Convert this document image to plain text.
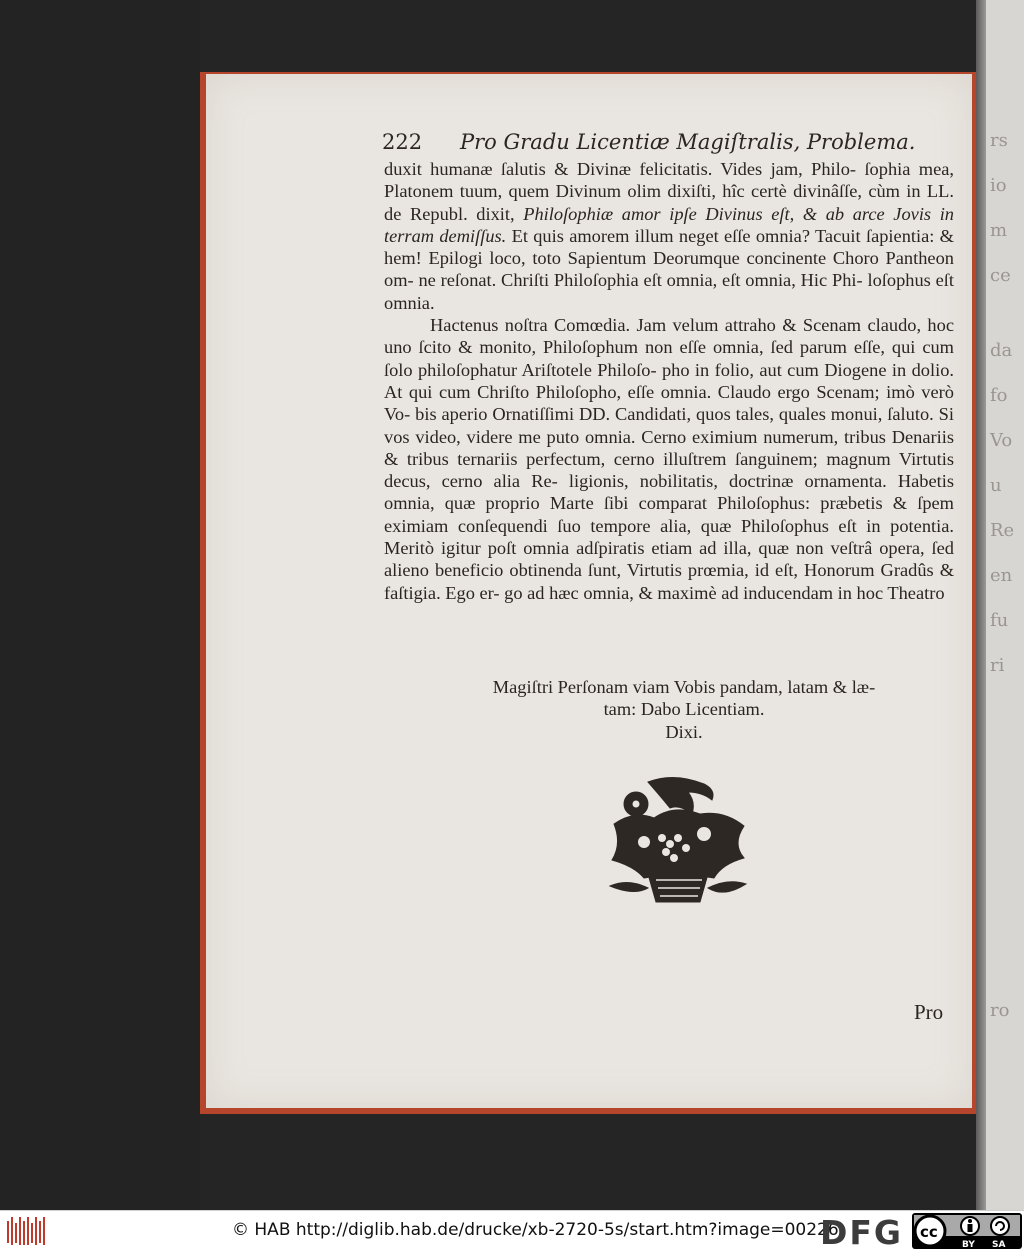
222 Pro Gradu Licentiæ Magiſtralis, Problema.

duxit humanæ ſalutis & Divinæ felicitatis. Vides jam, Philo- ſophia mea, Platonem tuum, quem Divinum olim dixiſti, hîc certè divinâſſe, cùm in LL. de Republ. dixit, Philoſophiæ amor ipſe Divinus eſt, & ab arce Jovis in terram demiſſus. Et quis amorem illum neget eſſe omnia? Tacuit ſapientia: & hem! Epilogi loco, toto Sapientum Deorumque concinente Choro Pantheon om- ne reſonat. Chriſti Philoſophia eſt omnia, eſt omnia, Hic Phi- loſophus eſt omnia.

Hactenus noſtra Comœdia. Jam velum attraho & Scenam claudo, hoc uno ſcito & monito, Philoſophum non eſſe omnia, ſed parum eſſe, qui cum ſolo philoſophatur Ariſtotele Philoſo- pho in folio, aut cum Diogene in dolio. At qui cum Chriſto Philoſopho, eſſe omnia. Claudo ergo Scenam; imò verò Vo- bis aperio Ornatiſſimi DD. Candidati, quos tales, quales monui, ſaluto. Si vos video, videre me puto omnia. Cerno eximium numerum, tribus Denariis & tribus ternariis perfectum, cerno illuſtrem ſanguinem; magnum Virtutis decus, cerno alia Re- ligionis, nobilitatis, doctrinæ ornamenta. Habetis omnia, quæ proprio Marte ſibi comparat Philoſophus: præbetis & ſpem eximiam conſequendi ſuo tempore alia, quæ Philoſophus eſt in potentia. Meritò igitur poſt omnia adſpiratis etiam ad illa, quæ non veſtrâ opera, ſed alieno beneficio obtinenda ſunt, Virtutis prœmia, id eſt, Honorum Gradûs & faſtigia. Ego er- go ad hæc omnia, & maximè ad inducendam in hoc Theatro

Magiſtri Perſonam viam Vobis pandam, latam & læ-
tam: Dabo Licentiam.
Dixi.
Pro
rs
io
m
ce
da
fo
Vo
u
Re
en
fu
ri
ro
© HAB http://diglib.hab.de/drucke/xb-2720-5s/start.htm?image=00226
DFG cc
BY SA
